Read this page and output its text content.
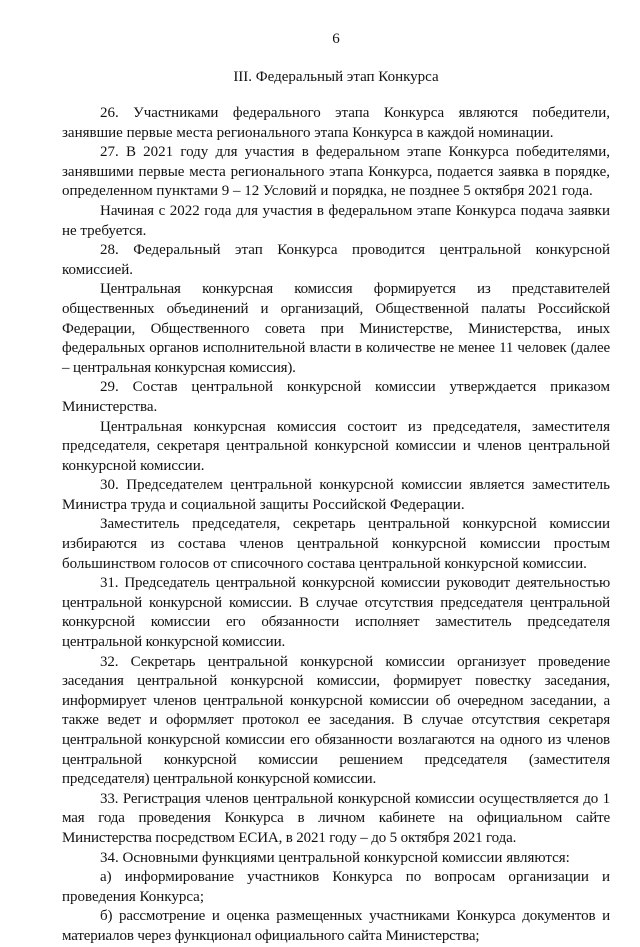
6
III. Федеральный этап Конкурса

26. Участниками федерального этапа Конкурса являются победители, занявшие первые места регионального этапа Конкурса в каждой номинации.

27. В 2021 году для участия в федеральном этапе Конкурса победителями, занявшими первые места регионального этапа Конкурса, подается заявка в порядке, определенном пунктами 9 – 12 Условий и порядка, не позднее 5 октября 2021 года.

Начиная с 2022 года для участия в федеральном этапе Конкурса подача заявки не требуется.

28. Федеральный этап Конкурса проводится центральной конкурсной комиссией.

Центральная конкурсная комиссия формируется из представителей общественных объединений и организаций, Общественной палаты Российской Федерации, Общественного совета при Министерстве, Министерства, иных федеральных органов исполнительной власти в количестве не менее 11 человек (далее – центральная конкурсная комиссия).

29. Состав центральной конкурсной комиссии утверждается приказом Министерства.

Центральная конкурсная комиссия состоит из председателя, заместителя председателя, секретаря центральной конкурсной комиссии и членов центральной конкурсной комиссии.

30. Председателем центральной конкурсной комиссии является заместитель Министра труда и социальной защиты Российской Федерации.

Заместитель председателя, секретарь центральной конкурсной комиссии избираются из состава членов центральной конкурсной комиссии простым большинством голосов от списочного состава центральной конкурсной комиссии.

31. Председатель центральной конкурсной комиссии руководит деятельностью центральной конкурсной комиссии. В случае отсутствия председателя центральной конкурсной комиссии его обязанности исполняет заместитель председателя центральной конкурсной комиссии.

32. Секретарь центральной конкурсной комиссии организует проведение заседания центральной конкурсной комиссии, формирует повестку заседания, информирует членов центральной конкурсной комиссии об очередном заседании, а также ведет и оформляет протокол ее заседания. В случае отсутствия секретаря центральной конкурсной комиссии его обязанности возлагаются на одного из членов центральной конкурсной комиссии решением председателя (заместителя председателя) центральной конкурсной комиссии.

33. Регистрация членов центральной конкурсной комиссии осуществляется до 1 мая года проведения Конкурса в личном кабинете на официальном сайте Министерства посредством ЕСИА, в 2021 году – до 5 октября 2021 года.

34. Основными функциями центральной конкурсной комиссии являются:

а) информирование участников Конкурса по вопросам организации и проведения Конкурса;

б) рассмотрение и оценка размещенных участниками Конкурса документов и материалов через функционал официального сайта Министерства;
